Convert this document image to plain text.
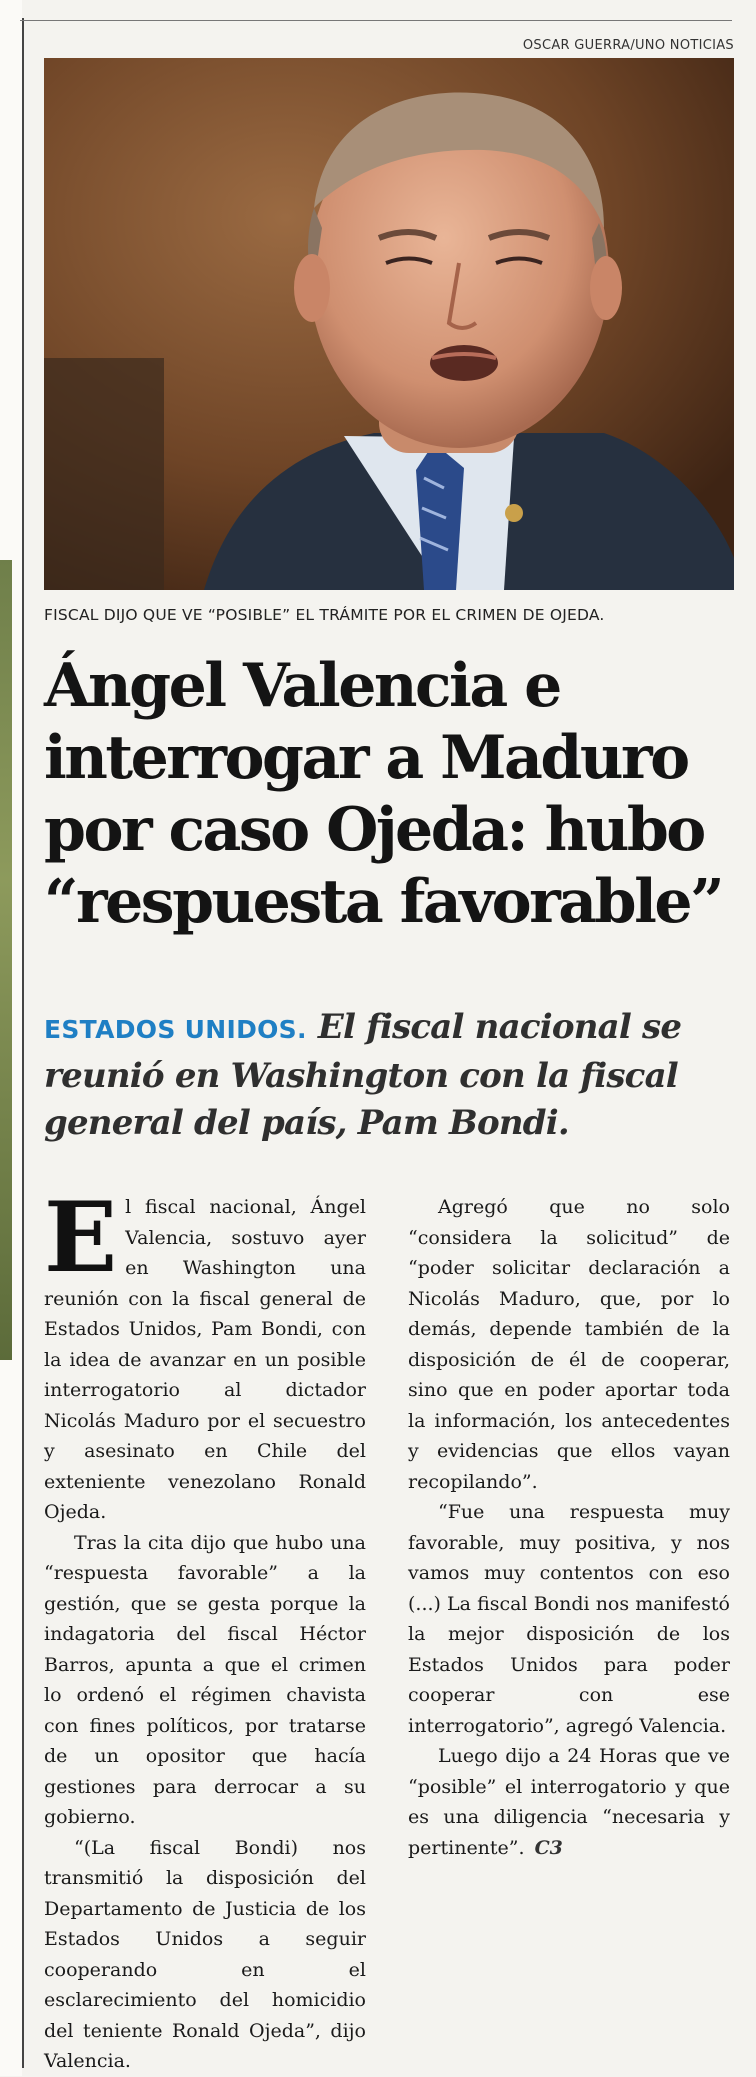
OSCAR GUERRA/UNO NOTICIAS
FISCAL DIJO QUE VE “POSIBLE” EL TRÁMITE POR EL CRIMEN DE OJEDA.
Ángel Valencia e interrogar a Maduro por caso Ojeda: hubo “respuesta favorable”
ESTADOS UNIDOS. El fiscal nacional se reunió en Washington con la fiscal general del país, Pam Bondi.
E l fiscal nacional, Ángel Valencia, sostuvo ayer en Washington una reunión con la fiscal general de Estados Unidos, Pam Bondi, con la idea de avanzar en un posible interrogatorio al dictador Nicolás Maduro por el secuestro y asesinato en Chile del exteniente venezolano Ronald Ojeda.

Tras la cita dijo que hubo una “respuesta favorable” a la gestión, que se gesta porque la indagatoria del fiscal Héctor Barros, apunta a que el crimen lo ordenó el régimen chavista con fines políticos, por tratarse de un opositor que hacía gestiones para derrocar a su gobierno.

“(La fiscal Bondi) nos transmitió la disposición del Departamento de Justicia de los Estados Unidos a seguir cooperando en el esclarecimiento del homicidio del teniente Ronald Ojeda”, dijo Valencia.

Agregó que no solo “considera la solicitud” de “poder solicitar declaración a Nicolás Maduro, que, por lo demás, depende también de la disposición de él de cooperar, sino que en poder aportar toda la información, los antecedentes y evidencias que ellos vayan recopilando”.

“Fue una respuesta muy favorable, muy positiva, y nos vamos muy contentos con eso (...) La fiscal Bondi nos manifestó la mejor disposición de los Estados Unidos para poder cooperar con ese interrogatorio”, agregó Valencia.

Luego dijo a 24 Horas que ve “posible” el interrogatorio y que es una diligencia “necesaria y pertinente”. C3
